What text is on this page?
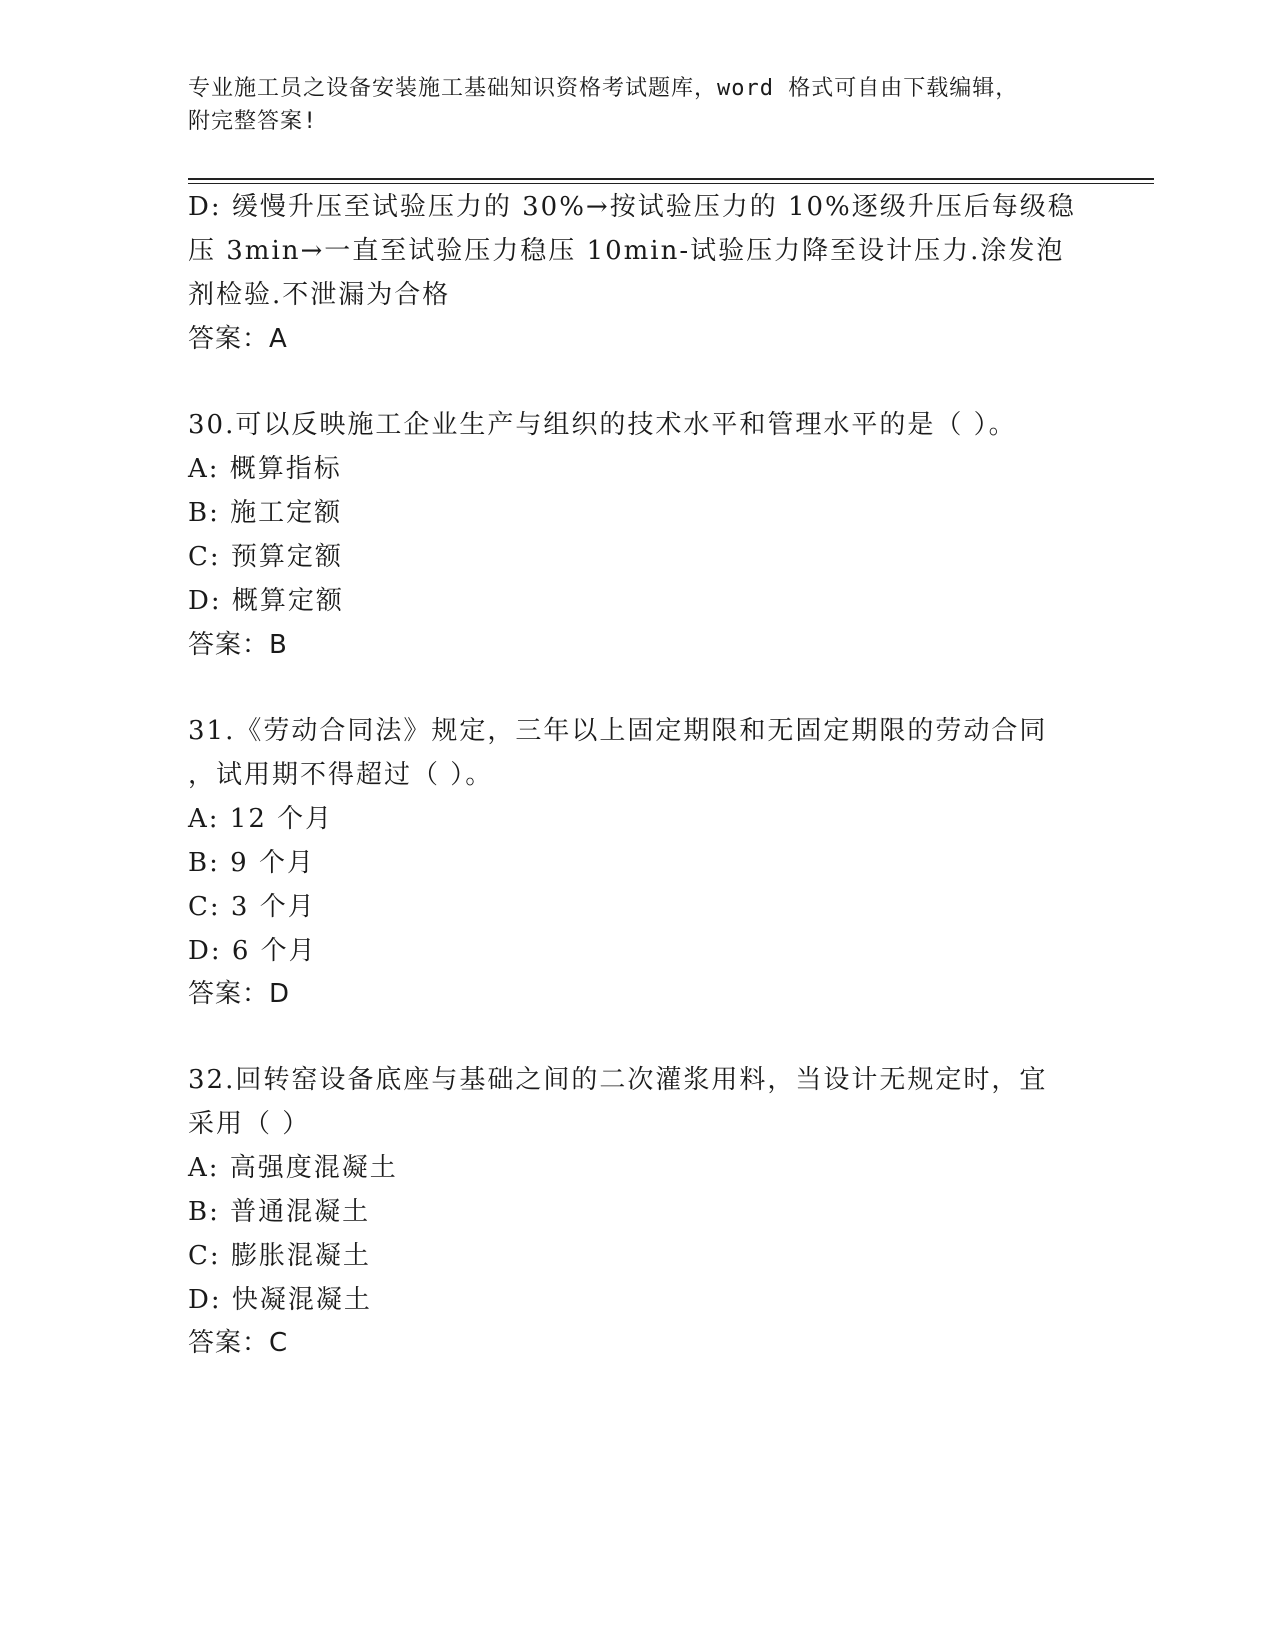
专业施工员之设备安装施工基础知识资格考试题库，word 格式可自由下载编辑，
附完整答案!
D: 缓慢升压至试验压力的 30%→按试验压力的 10%逐级升压后每级稳
压 3min→一直至试验压力稳压 10min-试验压力降至设计压力.涂发泡
剂检验.不泄漏为合格
答案：A
30.可以反映施工企业生产与组织的技术水平和管理水平的是（ ）。
A: 概算指标
B: 施工定额
C: 预算定额
D: 概算定额
答案：B
31.《劳动合同法》规定，三年以上固定期限和无固定期限的劳动合同
，试用期不得超过（ ）。
A: 12 个月
B: 9 个月
C: 3 个月
D: 6 个月
答案：D
32.回转窑设备底座与基础之间的二次灌浆用料，当设计无规定时，宜
采用（ ）
A: 高强度混凝土
B: 普通混凝土
C: 膨胀混凝土
D: 快凝混凝土
答案：C
